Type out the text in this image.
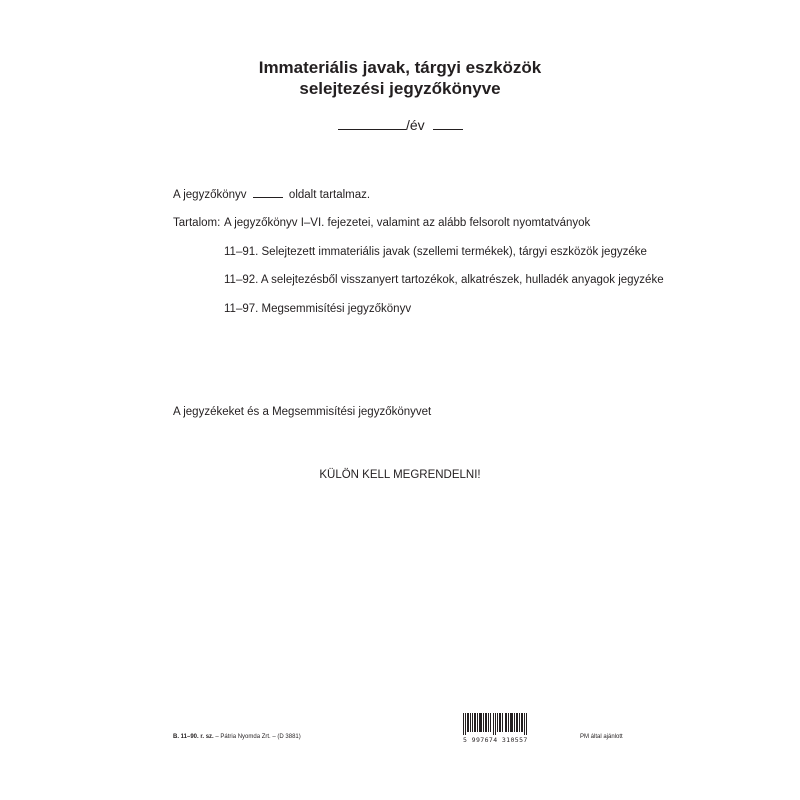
Immateriális javak, tárgyi eszközök
selejtezési jegyzőkönyve
/év
A jegyzőkönyv	oldalt tartalmaz.
Tartalom: A jegyzőkönyv I–VI. fejezetei, valamint az alább felsorolt nyomtatványok
11–91. Selejtezett immateriális javak (szellemi termékek), tárgyi eszközök jegyzéke
11–92. A selejtezésből visszanyert tartozékok, alkatrészek, hulladék anyagok jegyzéke
11–97. Megsemmisítési jegyzőkönyv
A jegyzékeket és a Megsemmisítési jegyzőkönyvet
KÜLÖN KELL MEGRENDELNI!
B. 11–90. r. sz. – Pátria Nyomda Zrt. – (D 3881)	5 997674 310557	PM által ajánlott
